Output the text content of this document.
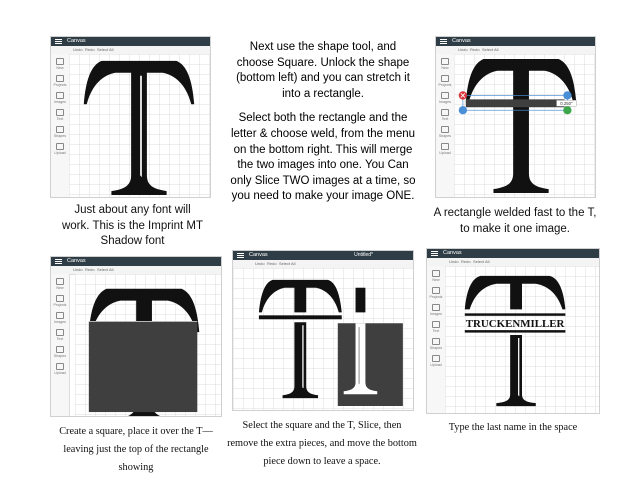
Canvas
Undo Redo Select All
New
Projects
Images
Text
Shapes
Upload
Canvas
Undo Redo Select All
New
Projects
Images
Text
Shapes
Upload
0.250"
Canvas
Undo Redo Select All
New
Projects
Images
Text
Shapes
Upload
Canvas	Untitled*
Undo Redo Select All
Canvas
Undo Redo Select All
New
Projects
Images
Text
Shapes
Upload
TRUCKENMILLER

Just about any font will work. This is the Imprint MT Shadow font

Next use the shape tool, and choose Square. Unlock the shape (bottom left) and you can stretch it into a rectangle.

Select both the rectangle and the letter & choose weld, from the menu on the bottom right. This will merge the two images into one. You Can only Slice TWO images at a time, so you need to make your image ONE.

A rectangle welded fast to the T, to make it one image.

Create a square, place it over the T—leaving just the top of the rectangle showing

Select the square and the T, Slice, then remove the extra pieces, and move the bottom piece down to leave a space.

Type the last name in the space
